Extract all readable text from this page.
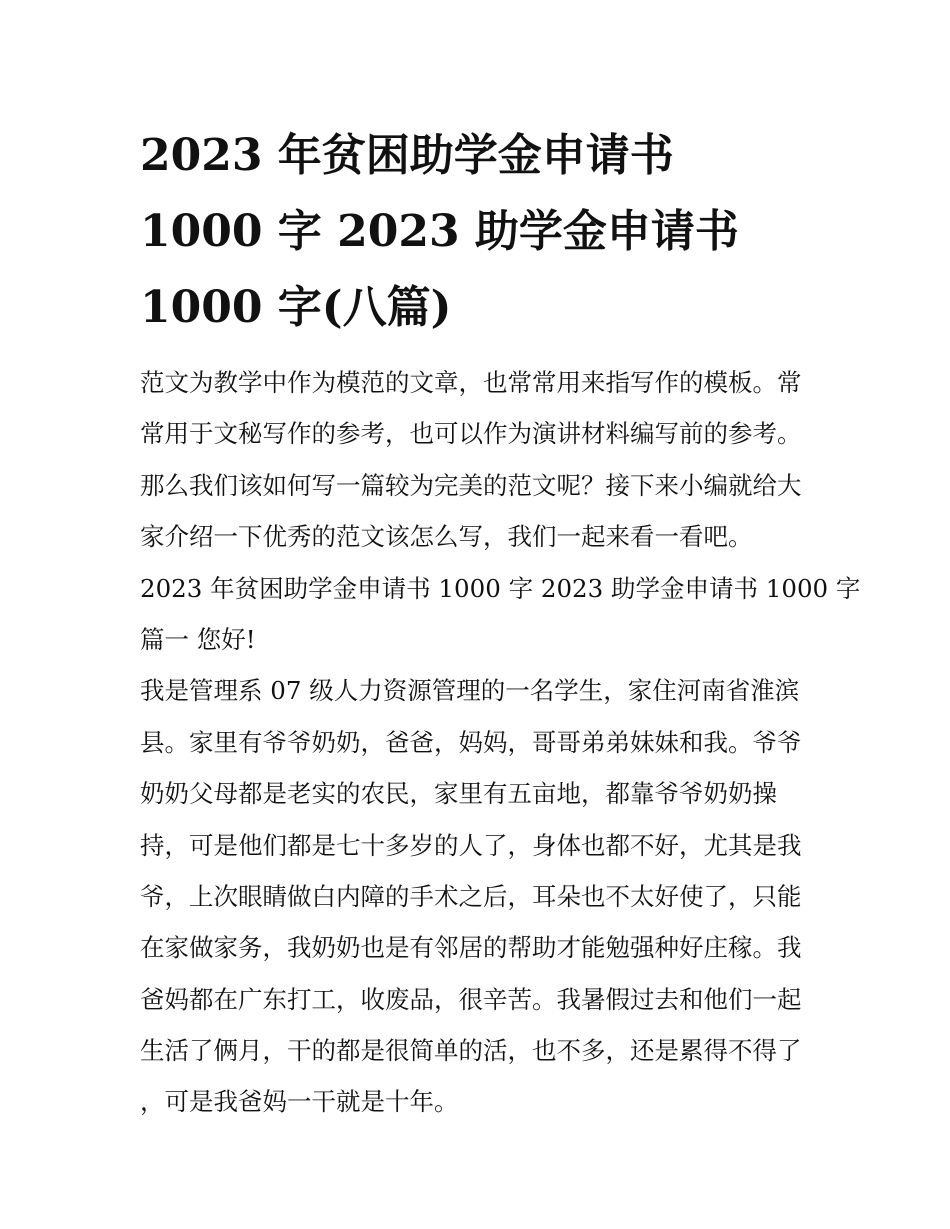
2023 年贫困助学金申请书
1000 字 2023 助学金申请书
1000 字(八篇)
范文为教学中作为模范的文章，也常常用来指写作的模板。常
常用于文秘写作的参考，也可以作为演讲材料编写前的参考。
那么我们该如何写一篇较为完美的范文呢？接下来小编就给大
家介绍一下优秀的范文该怎么写，我们一起来看一看吧。
2023 年贫困助学金申请书 1000 字 2023 助学金申请书 1000 字
篇一 您好!
我是管理系 07 级人力资源管理的一名学生，家住河南省淮滨
县。家里有爷爷奶奶，爸爸，妈妈，哥哥弟弟妹妹和我。爷爷
奶奶父母都是老实的农民，家里有五亩地，都靠爷爷奶奶操
持，可是他们都是七十多岁的人了，身体也都不好，尤其是我
爷，上次眼睛做白内障的手术之后，耳朵也不太好使了，只能
在家做家务，我奶奶也是有邻居的帮助才能勉强种好庄稼。我
爸妈都在广东打工，收废品，很辛苦。我暑假过去和他们一起
生活了俩月，干的都是很简单的活，也不多，还是累得不得了
，可是我爸妈一干就是十年。
